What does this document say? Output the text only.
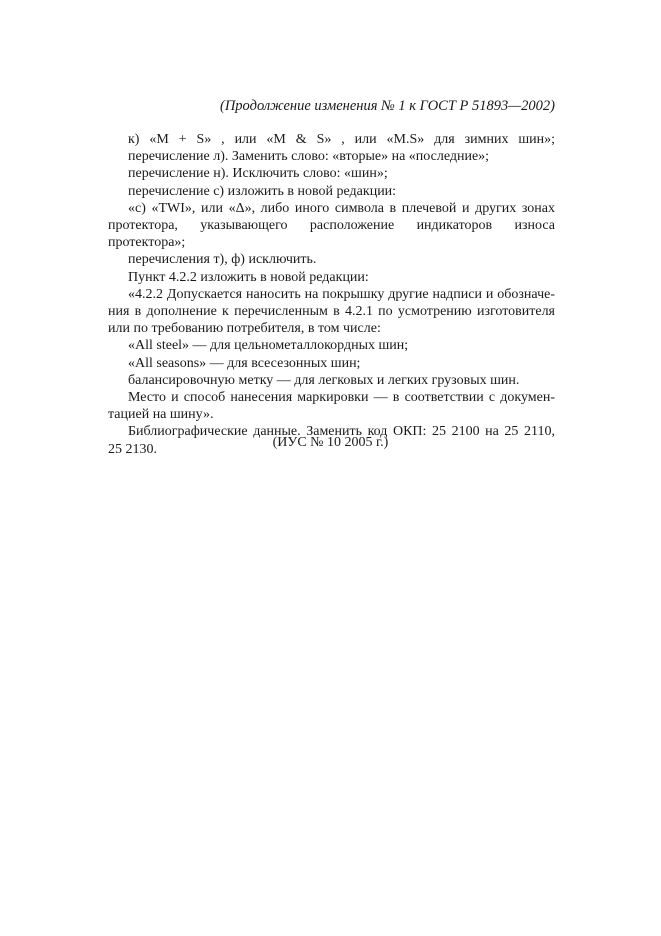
(Продолжение изменения № 1 к ГОСТ Р 51893—2002)

к) «M + S» , или «M & S» , или «M.S» для зимних шин»;

перечисление л). Заменить слово: «вторые» на «последние»;

перечисление н). Исключить слово: «шин»;

перечисление с) изложить в новой редакции:

«с) «TWI», или «Δ», либо иного символа в плечевой и других зонах

протектора, указывающего расположение индикаторов износа

протектора»;

перечисления т), ф) исключить.

Пункт 4.2.2 изложить в новой редакции:

«4.2.2 Допускается наносить на покрышку другие надписи и обозначе-

ния в дополнение к перечисленным в 4.2.1 по усмотрению изготовителя

или по требованию потребителя, в том числе:

«All steel» — для цельнометаллокордных шин;

«All seasons» — для всесезонных шин;

балансировочную метку — для легковых и легких грузовых шин.

Место и способ нанесения маркировки — в соответствии с докумен-

тацией на шину».

Библиографические данные. Заменить код ОКП: 25 2100 на 25 2110,

25 2130.	(ИУС № 10 2005 г.)
